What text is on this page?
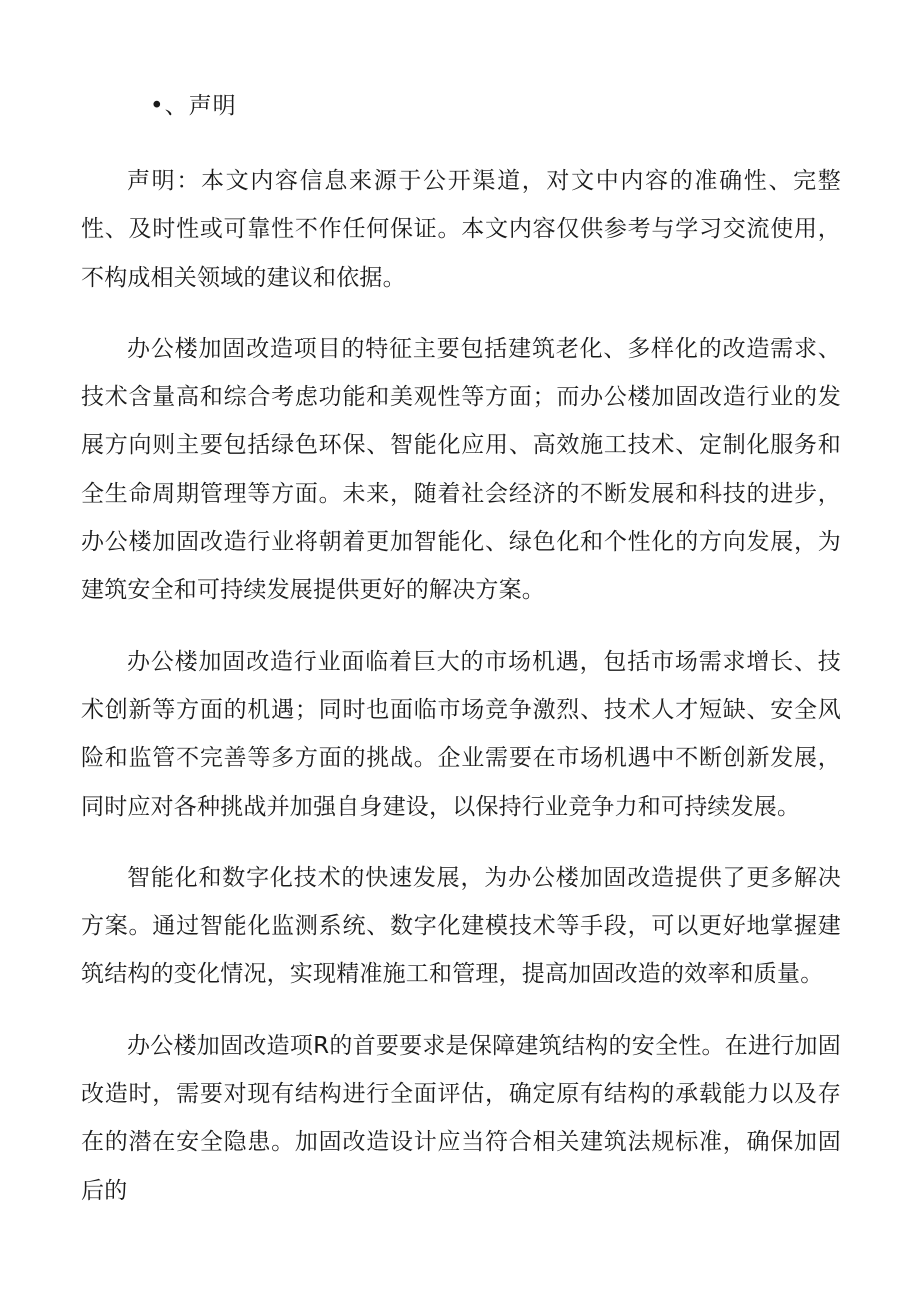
•、声明

声明：本文内容信息来源于公开渠道，对文中内容的准确性、完整性、及时性或可靠性不作任何保证。本文内容仅供参考与学习交流使用，不构成相关领域的建议和依据。

办公楼加固改造项目的特征主要包括建筑老化、多样化的改造需求、技术含量高和综合考虑功能和美观性等方面；而办公楼加固改造行业的发展方向则主要包括绿色环保、智能化应用、高效施工技术、定制化服务和全生命周期管理等方面。未来，随着社会经济的不断发展和科技的进步，办公楼加固改造行业将朝着更加智能化、绿色化和个性化的方向发展，为建筑安全和可持续发展提供更好的解决方案。

办公楼加固改造行业面临着巨大的市场机遇，包括市场需求增长、技术创新等方面的机遇；同时也面临市场竞争激烈、技术人才短缺、安全风险和监管不完善等多方面的挑战。企业需要在市场机遇中不断创新发展，同时应对各种挑战并加强自身建设，以保持行业竞争力和可持续发展。

智能化和数字化技术的快速发展，为办公楼加固改造提供了更多解决方案。通过智能化监测系统、数字化建模技术等手段，可以更好地掌握建筑结构的变化情况，实现精准施工和管理，提高加固改造的效率和质量。

办公楼加固改造项R的首要要求是保障建筑结构的安全性。在进行加固改造时，需要对现有结构进行全面评估，确定原有结构的承载能力以及存在的潜在安全隐患。加固改造设计应当符合相关建筑法规标准，确保加固后的
